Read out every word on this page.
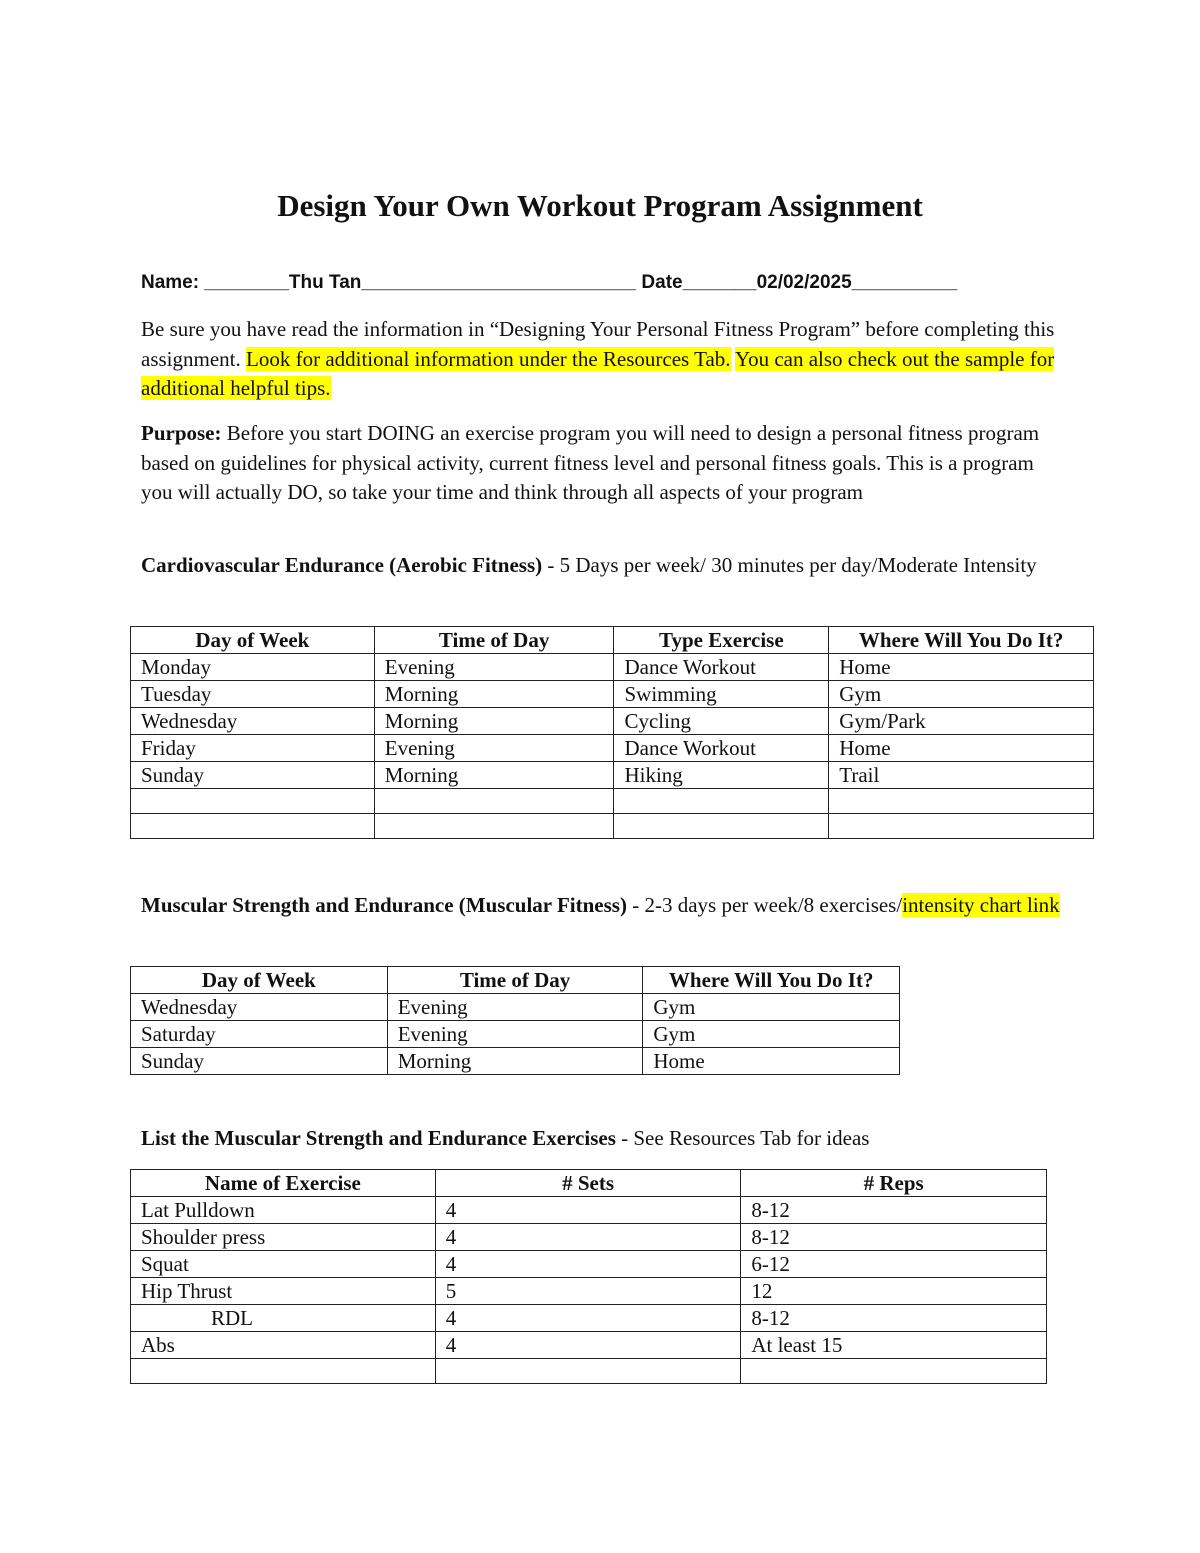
Design Your Own Workout Program Assignment
Name: ________Thu Tan__________________________ Date_______02/02/2025__________
Be sure you have read the information in “Designing Your Personal Fitness Program” before completing this assignment. Look for additional information under the Resources Tab. You can also check out the sample for additional helpful tips.
Purpose: Before you start DOING an exercise program you will need to design a personal fitness program based on guidelines for physical activity, current fitness level and personal fitness goals. This is a program you will actually DO, so take your time and think through all aspects of your program
Cardiovascular Endurance (Aerobic Fitness) - 5 Days per week/ 30 minutes per day/Moderate Intensity
Day of Week	Time of Day	Type Exercise	Where Will You Do It?
Monday	Evening	Dance Workout	Home
Tuesday	Morning	Swimming	Gym
Wednesday	Morning	Cycling	Gym/Park
Friday	Evening	Dance Workout	Home
Sunday	Morning	Hiking	Trail

Muscular Strength and Endurance (Muscular Fitness) - 2-3 days per week/8 exercises/intensity chart link
Day of Week	Time of Day	Where Will You Do It?
Wednesday	Evening	Gym
Saturday	Evening	Gym
Sunday	Morning	Home
List the Muscular Strength and Endurance Exercises - See Resources Tab for ideas
Name of Exercise	# Sets	# Reps
Lat Pulldown	4	8-12
Shoulder press	4	8-12
Squat	4	6-12
Hip Thrust	5	12
RDL	4	8-12
Abs	4	At least 15
